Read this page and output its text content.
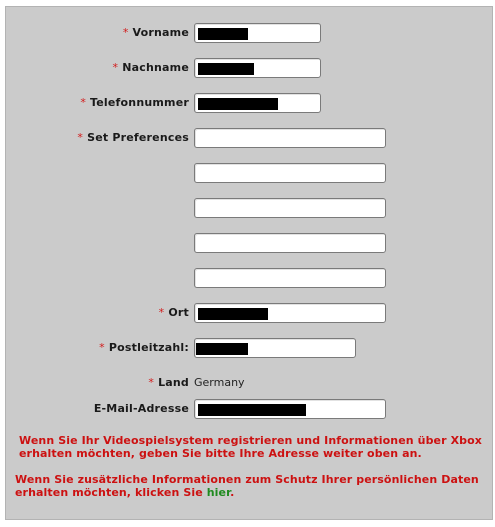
* Vorname
* Nachname
* Telefonnummer
* Set Preferences
* Ort
* Postleitzahl:
* Land Germany
E-Mail-Adresse
Wenn Sie Ihr Videospielsystem registrieren und Informationen über Xbox erhalten möchten, geben Sie bitte Ihre Adresse weiter oben an.
Wenn Sie zusätzliche Informationen zum Schutz Ihrer persönlichen Daten erhalten möchten, klicken Sie hier.
